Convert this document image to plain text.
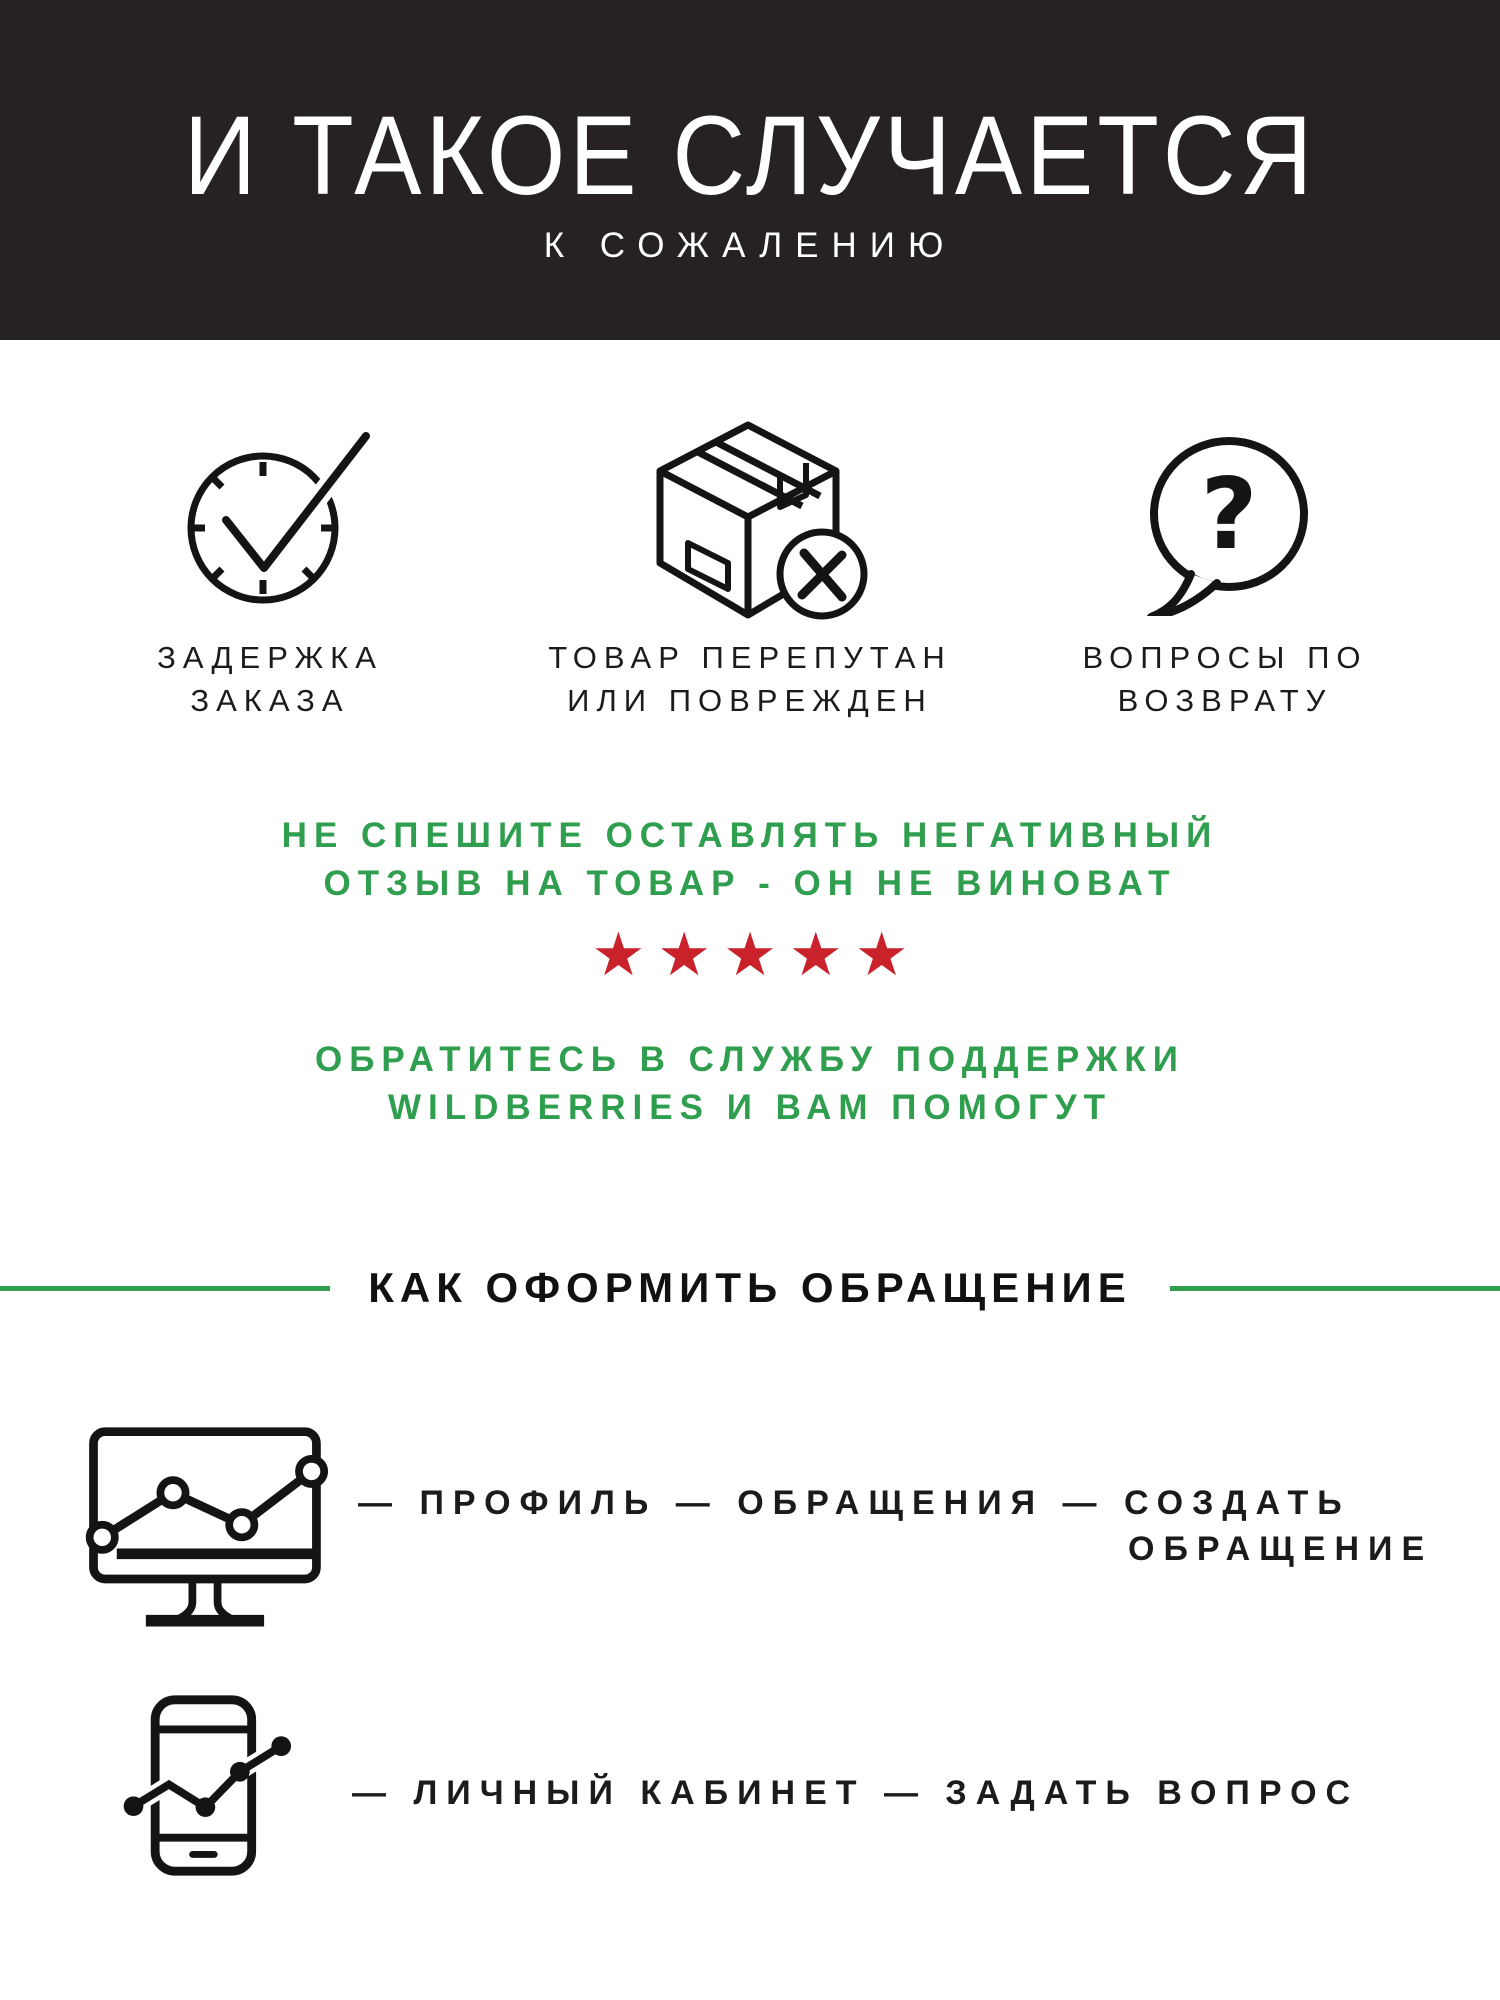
И ТАКОЕ СЛУЧАЕТСЯ
К СОЖАЛЕНИЮ
ЗАДЕРЖКА
ЗАКАЗА
ТОВАР ПЕРЕПУТАН
ИЛИ ПОВРЕЖДЕН
?
ВОПРОСЫ ПО
ВОЗВРАТУ
НЕ СПЕШИТЕ ОСТАВЛЯТЬ НЕГАТИВНЫЙ
ОТЗЫВ НА ТОВАР - ОН НЕ ВИНОВАТ
★★★★★
ОБРАТИТЕСЬ В СЛУЖБУ ПОДДЕРЖКИ
WILDBERRIES И ВАМ ПОМОГУТ
КАК ОФОРМИТЬ ОБРАЩЕНИЕ
— ПРОФИЛЬ — ОБРАЩЕНИЯ — СОЗДАТЬ
ОБРАЩЕНИЕ
— ЛИЧНЫЙ КАБИНЕТ — ЗАДАТЬ ВОПРОС
